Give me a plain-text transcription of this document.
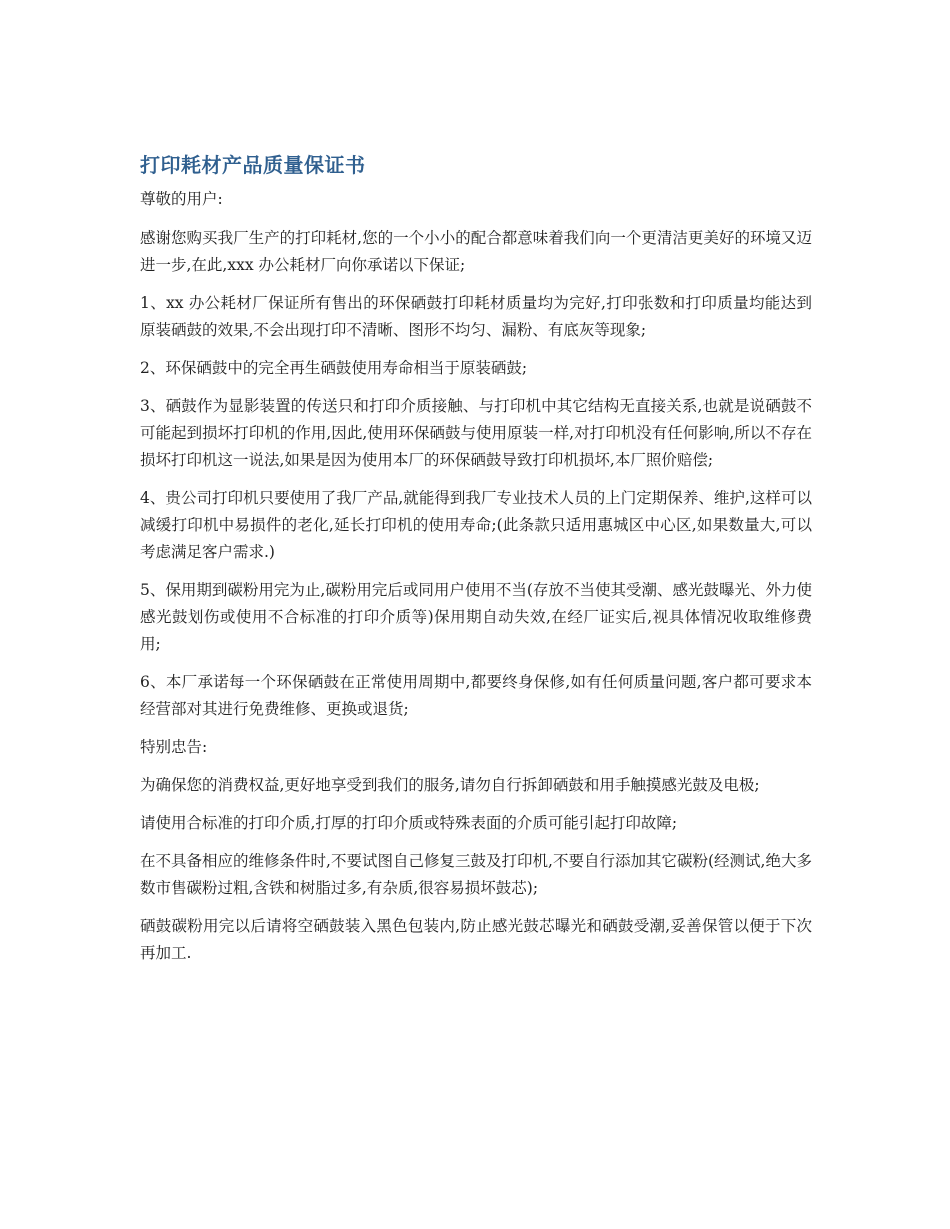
打印耗材产品质量保证书

尊敬的用户:

感谢您购买我厂生产的打印耗材,您的一个小小的配合都意味着我们向一个更清洁更美好的环境又迈进一步,在此,xxx 办公耗材厂向你承诺以下保证;

1、xx 办公耗材厂保证所有售出的环保硒鼓打印耗材质量均为完好,打印张数和打印质量均能达到原装硒鼓的效果,不会出现打印不清晰、图形不均匀、漏粉、有底灰等现象;

2、环保硒鼓中的完全再生硒鼓使用寿命相当于原装硒鼓;

3、硒鼓作为显影装置的传送只和打印介质接触、与打印机中其它结构无直接关系,也就是说硒鼓不可能起到损坏打印机的作用,因此,使用环保硒鼓与使用原装一样,对打印机没有任何影响,所以不存在损坏打印机这一说法,如果是因为使用本厂的环保硒鼓导致打印机损坏,本厂照价赔偿;

4、贵公司打印机只要使用了我厂产品,就能得到我厂专业技术人员的上门定期保养、维护,这样可以减缓打印机中易损件的老化,延长打印机的使用寿命;(此条款只适用惠城区中心区,如果数量大,可以考虑满足客户需求.)

5、保用期到碳粉用完为止,碳粉用完后或同用户使用不当(存放不当使其受潮、感光鼓曝光、外力使感光鼓划伤或使用不合标准的打印介质等)保用期自动失效,在经厂证实后,视具体情况收取维修费用;

6、本厂承诺每一个环保硒鼓在正常使用周期中,都要终身保修,如有任何质量问题,客户都可要求本经营部对其进行免费维修、更换或退货;

特别忠告:

为确保您的消费权益,更好地享受到我们的服务,请勿自行拆卸硒鼓和用手触摸感光鼓及电极;

请使用合标准的打印介质,打厚的打印介质或特殊表面的介质可能引起打印故障;

在不具备相应的维修条件时,不要试图自己修复三鼓及打印机,不要自行添加其它碳粉(经测试,绝大多数市售碳粉过粗,含铁和树脂过多,有杂质,很容易损坏鼓芯);

硒鼓碳粉用完以后请将空硒鼓装入黑色包装内,防止感光鼓芯曝光和硒鼓受潮,妥善保管以便于下次再加工.
